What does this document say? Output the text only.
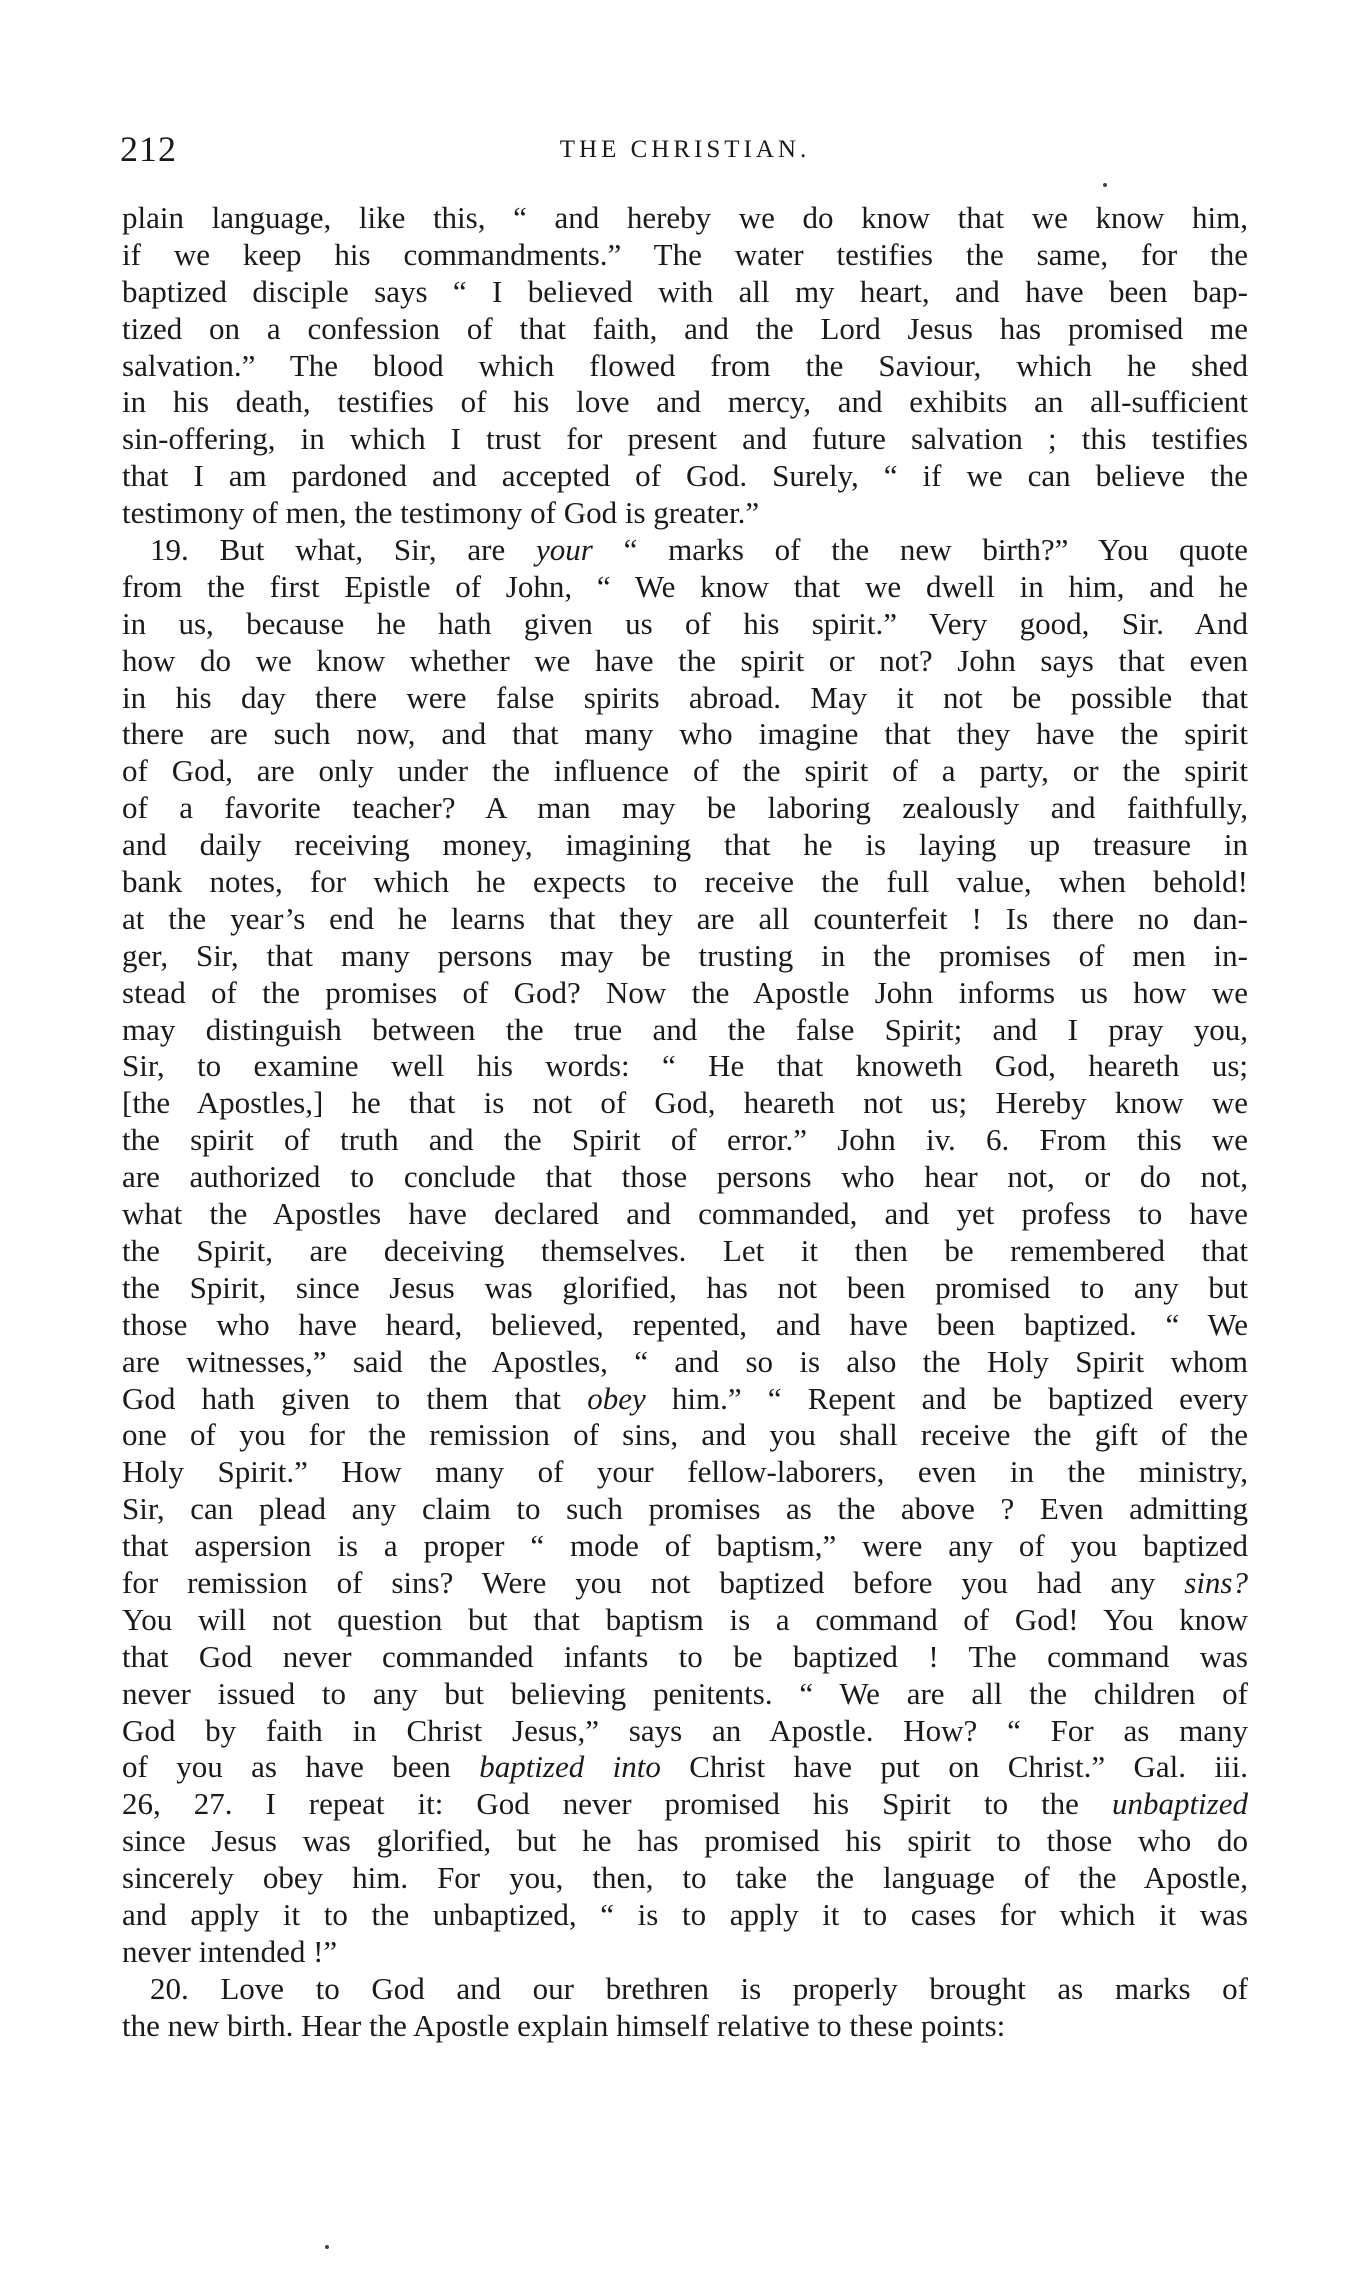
212	THE CHRISTIAN.
plain language, like this, “ and hereby we do know that we know him,
if we keep his commandments.” The water testifies the same, for the
baptized disciple says “ I believed with all my heart, and have been bap-
tized on a confession of that faith, and the Lord Jesus has promised me
salvation.” The blood which flowed from the Saviour, which he shed
in his death, testifies of his love and mercy, and exhibits an all-sufficient
sin-offering, in which I trust for present and future salvation ; this testifies
that I am pardoned and accepted of God. Surely, “ if we can believe the
testimony of men, the testimony of God is greater.”
19. But what, Sir, are your “ marks of the new birth?” You quote
from the first Epistle of John, “ We know that we dwell in him, and he
in us, because he hath given us of his spirit.” Very good, Sir. And
how do we know whether we have the spirit or not? John says that even
in his day there were false spirits abroad. May it not be possible that
there are such now, and that many who imagine that they have the spirit
of God, are only under the influence of the spirit of a party, or the spirit
of a favorite teacher? A man may be laboring zealously and faithfully,
and daily receiving money, imagining that he is laying up treasure in
bank notes, for which he expects to receive the full value, when behold!
at the year’s end he learns that they are all counterfeit ! Is there no dan-
ger, Sir, that many persons may be trusting in the promises of men in-
stead of the promises of God? Now the Apostle John informs us how we
may distinguish between the true and the false Spirit; and I pray you,
Sir, to examine well his words: “ He that knoweth God, heareth us;
[the Apostles,] he that is not of God, heareth not us; Hereby know we
the spirit of truth and the Spirit of error.” John iv. 6. From this we
are authorized to conclude that those persons who hear not, or do not,
what the Apostles have declared and commanded, and yet profess to have
the Spirit, are deceiving themselves. Let it then be remembered that
the Spirit, since Jesus was glorified, has not been promised to any but
those who have heard, believed, repented, and have been baptized. “ We
are witnesses,” said the Apostles, “ and so is also the Holy Spirit whom
God hath given to them that obey him.” “ Repent and be baptized every
one of you for the remission of sins, and you shall receive the gift of the
Holy Spirit.” How many of your fellow-laborers, even in the ministry,
Sir, can plead any claim to such promises as the above ? Even admitting
that aspersion is a proper “ mode of baptism,” were any of you baptized
for remission of sins? Were you not baptized before you had any sins?
You will not question but that baptism is a command of God! You know
that God never commanded infants to be baptized ! The command was
never issued to any but believing penitents. “ We are all the children of
God by faith in Christ Jesus,” says an Apostle. How? “ For as many
of you as have been baptized into Christ have put on Christ.” Gal. iii.
26, 27. I repeat it: God never promised his Spirit to the unbaptized
since Jesus was glorified, but he has promised his spirit to those who do
sincerely obey him. For you, then, to take the language of the Apostle,
and apply it to the unbaptized, “ is to apply it to cases for which it was
never intended !”
20. Love to God and our brethren is properly brought as marks of
the new birth. Hear the Apostle explain himself relative to these points:
